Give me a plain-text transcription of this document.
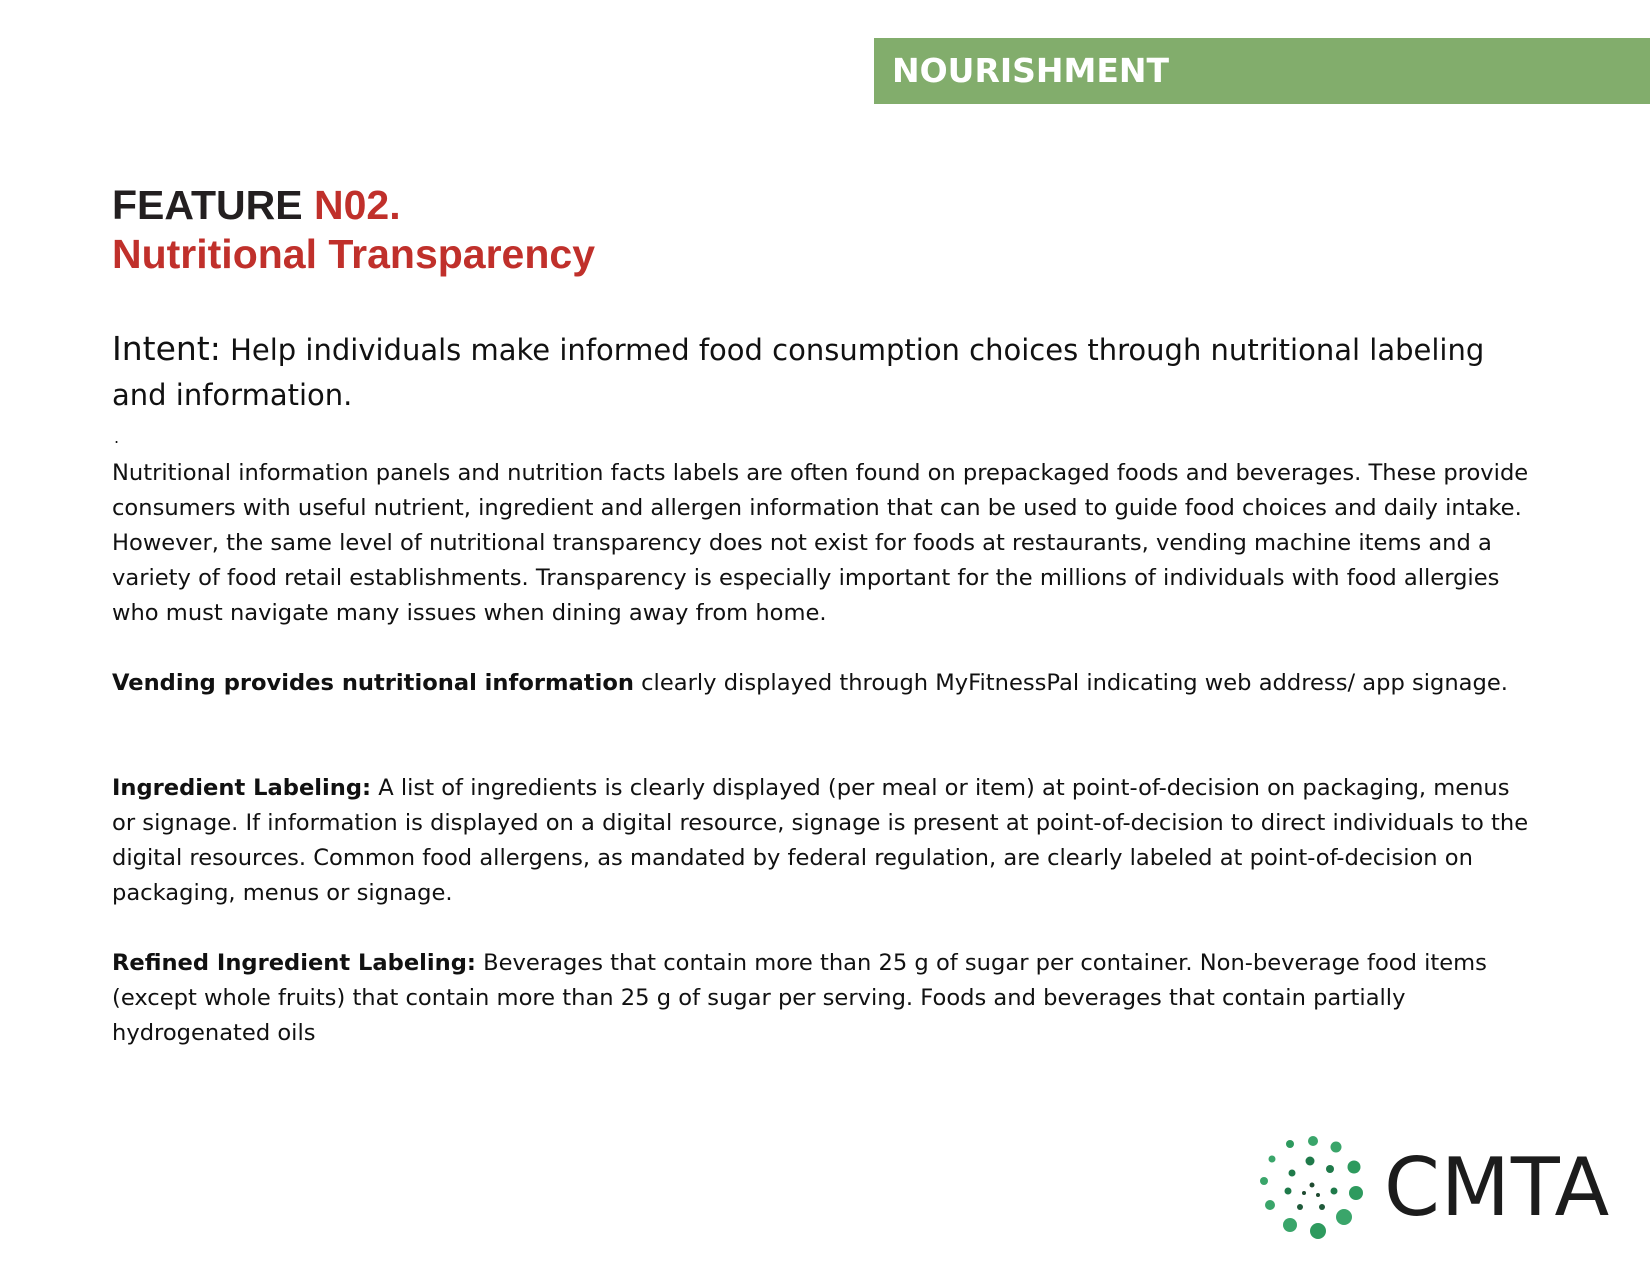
NOURISHMENT
FEATURE N02.
Nutritional Transparency
Intent: Help individuals make informed food consumption choices through nutritional labeling and information.
.
Nutritional information panels and nutrition facts labels are often found on prepackaged foods and beverages. These provide consumers with useful nutrient, ingredient and allergen information that can be used to guide food choices and daily intake. However, the same level of nutritional transparency does not exist for foods at restaurants, vending machine items and a variety of food retail establishments. Transparency is especially important for the millions of individuals with food allergies who must navigate many issues when dining away from home.
Vending provides nutritional information clearly displayed through MyFitnessPal indicating web address/ app signage.
Ingredient Labeling: A list of ingredients is clearly displayed (per meal or item) at point-of-decision on packaging, menus or signage. If information is displayed on a digital resource, signage is present at point-of-decision to direct individuals to the digital resources. Common food allergens, as mandated by federal regulation, are clearly labeled at point-of-decision on packaging, menus or signage.
Refined Ingredient Labeling: Beverages that contain more than 25 g of sugar per container. Non-beverage food items (except whole fruits) that contain more than 25 g of sugar per serving. Foods and beverages that contain partially hydrogenated oils
CMTA
